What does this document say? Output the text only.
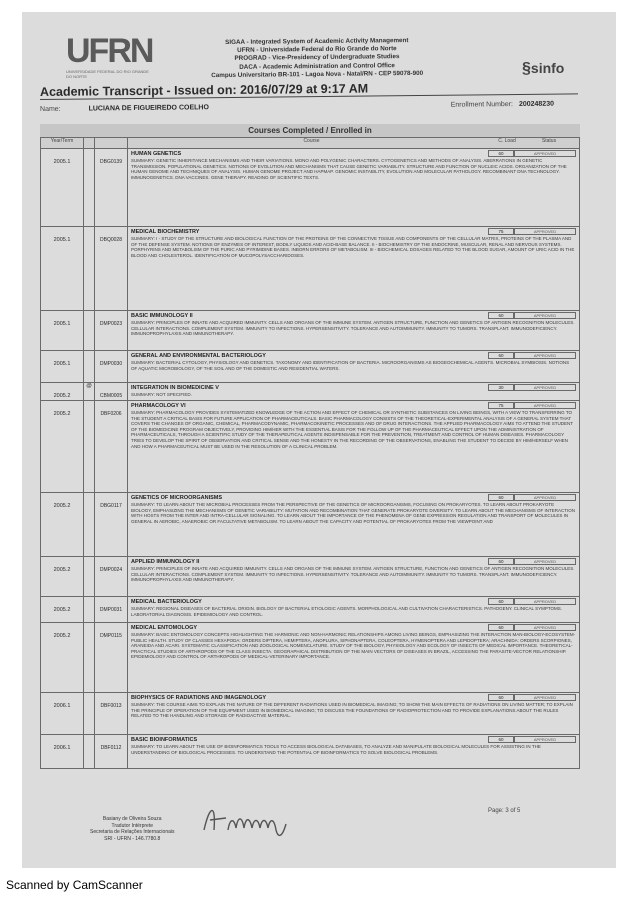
UFRN
UNIVERSIDADE FEDERAL DO RIO GRANDE DO NORTE
SIGAA - Integrated System of Academic Activity Management
UFRN - Universidade Federal do Rio Grande do Norte
PROGRAD - Vice-Presidency of Undergraduate Studies
DACA - Academic Administration and Control Office
Campus Universitario BR-101 - Lagoa Nova - Natal/RN - CEP 59078-900	§sinfo
Academic Transcript - Issued on: 2016/07/29 at 9:17 AM
Name:	LUCIANA DE FIGUEIREDO COELHO	Enrollment Number: 200248230
Courses Completed / Enrolled in
Year/Term			Course C. Load Status

2005.1		DBG0139	HUMAN GENETICS 60 APPROVED
SUMMARY: GENETIC INHERITANCE MECHANISMS AND THEIR VARIATIONS. MONO AND POLYGENIC CHARACTERS. CYTOGENETICS AND METHODS OF ANALYSIS. ABERRATIONS IN GENETIC TRANSMISSION. POPULATIONAL GENETICS. NOTIONS OF EVOLUTION AND MECHANISMS THAT CAUSE GENETIC VARIABILITY. STRUCTURE AND FUNCTION OF NUCLEIC ACIDS. ORGANIZATION OF THE HUMAN GENOME AND TECHNIQUES OF ANALYSIS. HUMAN GENOME PROJECT AND HAPMAP. GENOMIC INSTABILITY, EVOLUTION AND MOLECULAR PATHOLOGY. RECOMBINANT DNA TECHNOLOGY. IMMUNOGENETICS. DNA VACCINES. GENE THERAPY. READING OF SCIENTIFIC TEXTS.

2005.1		DBQ0028	MEDICAL BIOCHEMISTRY 75 APPROVED
SUMMARY: I - STUDY OF THE STRUCTURE AND BIOLOGICAL FUNCTION OF THE PROTEINS OF THE CONNECTIVE TISSUE AND COMPONENTS OF THE CELLULAR MATRIX, PROTEINS OF THE PLASMA AND OF THE DEFENSE SYSTEM. NOTIONS OF ENZYMES OF INTEREST, BODILY LIQUIDS AND ACID-BASE BALANCE. II - BIOCHEMISTRY OF THE ENDOCRINE, MUSCULAR, RENAL AND NERVOUS SYSTEMS. PORPHYRINS AND METABOLISM OF THE PURIC AND PYRIMIDINE BASES. INBORN ERRORS OF METABOLISM. III - BIOCHEMICAL DOSAGES RELATED TO THE BLOOD SUGAR, AMOUNT OF URIC ACID IN THE BLOOD AND CHOLESTEROL. IDENTIFICATION OF MUCOPOLYSACCHARIDOSES.

2005.1		DMP0023	BASIC IMMUNOLOGY II 60 APPROVED
SUMMARY: PRINCIPLES OF INNATE AND ACQUIRED IMMUNITY. CELLS AND ORGANS OF THE IMMUNE SYSTEM. ANTIGEN STRUCTURE, FUNCTION AND GENETICS OF ANTIGEN RECOGNITION MOLECULES. CELLULAR INTERACTIONS. COMPLEMENT SYSTEM. IMMUNITY TO INFECTIONS. HYPERSENSITIVITY. TOLERANCE AND AUTOIMMUNITY. IMMUNITY TO TUMORS. TRANSPLANT. IMMUNODEFICIENCY. IMMUNOPROPHYLAXIS AND IMMUNOTHERAPY.

2005.1		DMP0030	GENERAL AND ENVIRONMENTAL BACTERIOLOGY 60 APPROVED
SUMMARY: BACTERIAL CYTOLOGY, PHYSIOLOGY AND GENETICS. TAXONOMY AND IDENTIFICATION OF BACTERIA. MICROORGANISMS AS BIOGEOCHEMICAL AGENTS. MICROBIAL SYMBIOSIS. NOTIONS OF AQUATIC MICROBIOLOGY, OF THE SOIL AND OF THE DOMESTIC AND RESIDENTIAL WATERS.

2005.2	@	CBM0005	INTEGRATION IN BIOMEDICINE V 30 APPROVED
SUMMARY: NOT SPECIFIED.

2005.2		DBF0206	PHARMACOLOGY VI 75 APPROVED
SUMMARY: PHARMACOLOGY PROVIDES SYSTEMATIZED KNOWLEDGE OF THE ACTION AND EFFECT OF CHEMICAL OR SYNTHETIC SUBSTANCES ON LIVING BEINGS, WITH A VIEW TO TRANSFERRING TO THE STUDENT A CRITICAL BASIS FOR FUTURE APPLICATION OF PHARMACEUTICALS. BASIC PHARMACOLOGY CONSISTS OF THE THEORETICAL-EXPERIMENTAL ANALYSIS OF A GENERAL SYSTEM THAT COVERS THE CHANGES OF ORGANIC, CHEMICAL, PHARMACODYNAMIC, PHARMACOKINETIC PROCESSES AND OF DRUG INTERACTIONS. THE APPLIED PHARMACOLOGY AIMS TO ATTEND THE STUDENT OF THE BIOMEDICINE PROGRAM OBJECTIVELY, PROVIDING HIM/HER WITH THE ESSENTIAL BASIS FOR THE FOLLOW UP OF THE PHARMACEUTICAL EFFECT UPON THE ADMINISTRATION OF PHARMACEUTICALS, THROUGH A SCIENTIFIC STUDY OF THE THERAPEUTICAL AGENTS INDISPENSABLE FOR THE PREVENTION, TREATMENT AND CONTROL OF HUMAN DISEASES. PHARMACOLOGY TRIES TO DEVELOP THE SPIRIT OF OBSERVATION AND CRITICAL SENSE AND THE HONESTY IN THE RECORDING OF THE OBSERVATIONS, ENABLING THE STUDENT TO DECIDE BY HIM/HERSELF WHEN AND HOW A PHARMACEUTICAL MUST BE USED IN THE RESOLUTION OF A CLINICAL PROBLEM.

2005.2		DBG0117	GENETICS OF MICROORGANISMS 60 APPROVED
SUMMARY: TO LEARN ABOUT THE MICROBIAL PROCESSES FROM THE PERSPECTIVE OF THE GENETICS OF MICROORGANISMS, FOCUSING ON PROKARYOTES. TO LEARN ABOUT PROKARYOTE BIOLOGY, EMPHASIZING THE MECHANISMS OF GENETIC VARIABILITY: MUTATION AND RECOMBINATION THAT GENERATE PROKARYOTE DIVERSITY. TO LEARN ABOUT THE MECHANISMS OF INTERACTION WITH HOSTS FROM THE INTER AND INTRA-CELLULAR SIGNALING. TO LEARN ABOUT THE IMPORTANCE OF THE PHENOMENA OF GENE EXPRESSION REGULATION AND TRANSPORT OF MOLECULES IN GENERAL IN AEROBIC, ANAEROBIC OR FACULTATIVE METABOLISM. TO LEARN ABOUT THE CAPACITY AND POTENTIAL OF PROKARYOTES FROM THE VIEWPOINT AND

2005.2		DMP0024	APPLIED IMMUNOLOGY II 60 APPROVED
SUMMARY: PRINCIPLES OF INNATE AND ACQUIRED IMMUNITY. CELLS AND ORGANS OF THE IMMUNE SYSTEM. ANTIGEN STRUCTURE, FUNCTION AND GENETICS OF ANTIGEN RECOGNITION MOLECULES. CELLULAR INTERACTIONS. COMPLEMENT SYSTEM. IMMUNITY TO INFECTIONS. HYPERSENSITIVITY. TOLERANCE AND AUTOIMMUNITY. IMMUNITY TO TUMORS. TRANSPLANT. IMMUNODEFICIENCY. IMMUNOPROPHYLAXIS AND IMMUNOTHERAPY.

2005.2		DMP0031	MEDICAL BACTERIOLOGY 60 APPROVED
SUMMARY: REGIONAL DISEASES OF BACTERIAL ORIGIN. BIOLOGY OF BACTERIAL ETIOLOGIC AGENTS. MORPHOLOGICAL AND CULTIVATION CHARACTERISTICS. PATHOGENY. CLINICAL SYMPTOMS. LABORATORIAL DIAGNOSIS. EPIDEMIOLOGY AND CONTROL.

2005.2		DMP0115	MEDICAL ENTOMOLOGY 60 APPROVED
SUMMARY: BASIC ENTOMOLOGY CONCEPTS HIGHLIGHTING THE HARMONIC AND NON-HARMONIC RELATIONSHIPS AMONG LIVING BEINGS, EMPHASIZING THE INTERACTION MAN-BIOLOGY-ECOSYSTEM-PUBLIC HEALTH. STUDY OF CLASSES HEXAPODA: ORDERS DIPTERA, HEMIPTERA, ANOPLURA, SIPHONAPTERA, COLEOPTERA, HYMENOPTERA AND LEPIDOPTERA; ARACHNIDA: ORDERS SCORPIONES, ARANEIDA AND ACARI. SYSTEMATIC CLASSIFICATION AND ZOOLOGICAL NOMENCLATURE. STUDY OF THE BIOLOGY, PHYSIOLOGY AND ECOLOGY OF INSECTS OF MEDICAL IMPORTANCE. THEORETICAL-PRACTICAL STUDIES OF ARTHROPODS OF THE CLASS INSECTA. GEOGRAPHICAL DISTRIBUTION OF THE MAIN VECTORS OF DISEASES IN BRAZIL, ACCESSING THE PARASITE-VECTOR RELATIONSHIP. EPIDEMIOLOGY AND CONTROL OF ARTHROPODS OF MEDICAL-VETERINARY IMPORTANCE.

2006.1		DBF0013	BIOPHYSICS OF RADIATIONS AND IMAGENOLOGY 60 APPROVED
SUMMARY: THE COURSE AIMS TO EXPLAIN THE NATURE OF THE DIFFERENT RADIATIONS USED IN BIOMEDICAL IMAGING; TO SHOW THE MAIN EFFECTS OF RADIATIONS ON LIVING MATTER; TO EXPLAIN THE PRINCIPLE OF OPERATION OF THE EQUIPMENT USED IN BIOMEDICAL IMAGING; TO DISCUSS THE FOUNDATIONS OF RADIOPROTECTION AND TO PROVIDE EXPLANATIONS ABOUT THE RULES RELATED TO THE HANDLING AND STORAGE OF RADIOACTIVE MATERIAL.

2006.1		DBF0112	BASIC BIOINFORMATICS 60 APPROVED
SUMMARY: TO LEARN ABOUT THE USE OF BIOINFORMATICS TOOLS TO ACCESS BIOLOGICAL DATABASES, TO ANALYZE AND MANIPULATE BIOLOGICAL MOLECULES FOR ASSISTING IN THE UNDERSTANDING OF BIOLOGICAL PROCESSES. TO UNDERSTAND THE POTENTIAL OF BIOINFORMATICS TO SOLVE BIOLOGICAL PROBLEMS.
Page: 3 of 5
Basiany de Oliveira Souza
Tradutor Intérprete
Secretaria de Relações Internacionais
SRI - UFRN - 146.7780.8
Scanned by CamScanner
